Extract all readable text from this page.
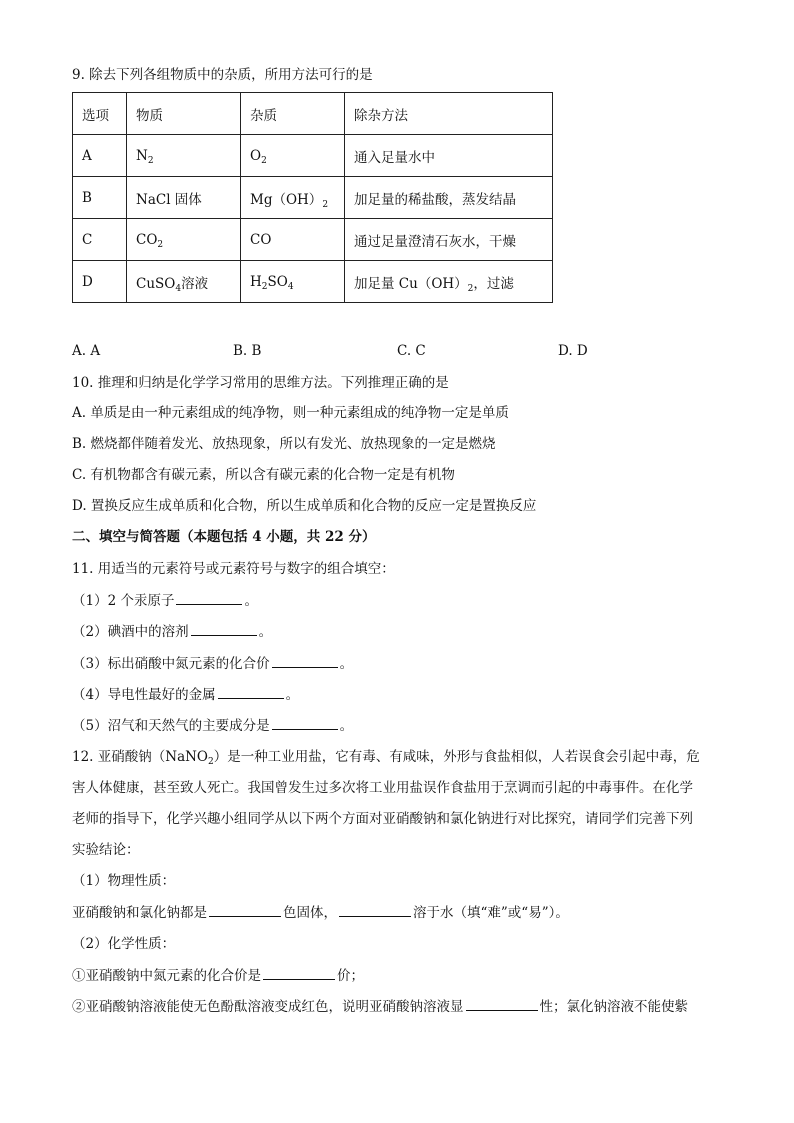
9. 除去下列各组物质中的杂质，所用方法可行的是
选项	物质	杂质	除杂方法
A	$N_2$	$O_2$	通入足量水中
B	NaCl 固体	$Mg(OH)_2$	加足量的稀盐酸，蒸发结晶
C	$CO_2$	CO	通过足量澄清石灰水，干燥
D	CuSO$_4$溶液	$H_2SO_4$	加足量 $Cu(OH)_2$，过滤
A. A	B. B	C. C	D. D
10. 推理和归纳是化学学习常用的思维方法。下列推理正确的是
A. 单质是由一种元素组成的纯净物，则一种元素组成的纯净物一定是单质
B. 燃烧都伴随着发光、放热现象，所以有发光、放热现象的一定是燃烧
C. 有机物都含有碳元素，所以含有碳元素的化合物一定是有机物
D. 置换反应生成单质和化合物，所以生成单质和化合物的反应一定是置换反应
二、填空与简答题（本题包括 4 小题，共 22 分）
11. 用适当的元素符号或元素符号与数字的组合填空：
（1）2 个汞原子	。
（2）碘酒中的溶剂	。
（3）标出硝酸中氮元素的化合价	。
（4）导电性最好的金属	。
（5）沼气和天然气的主要成分是	。
12. 亚硝酸钠（NaNO$_2$）是一种工业用盐，它有毒、有咸味，外形与食盐相似，人若误食会引起中毒，危
害人体健康，甚至致人死亡。我国曾发生过多次将工业用盐误作食盐用于烹调而引起的中毒事件。在化学
老师的指导下，化学兴趣小组同学从以下两个方面对亚硝酸钠和氯化钠进行对比探究，请同学们完善下列
实验结论：
（1）物理性质：
亚硝酸钠和氯化钠都是	色固体，	溶于水（填“难”或“易”）。
（2）化学性质：
①亚硝酸钠中氮元素的化合价是	价；
②亚硝酸钠溶液能使无色酚酞溶液变成红色，说明亚硝酸钠溶液显	性；氯化钠溶液不能使紫
